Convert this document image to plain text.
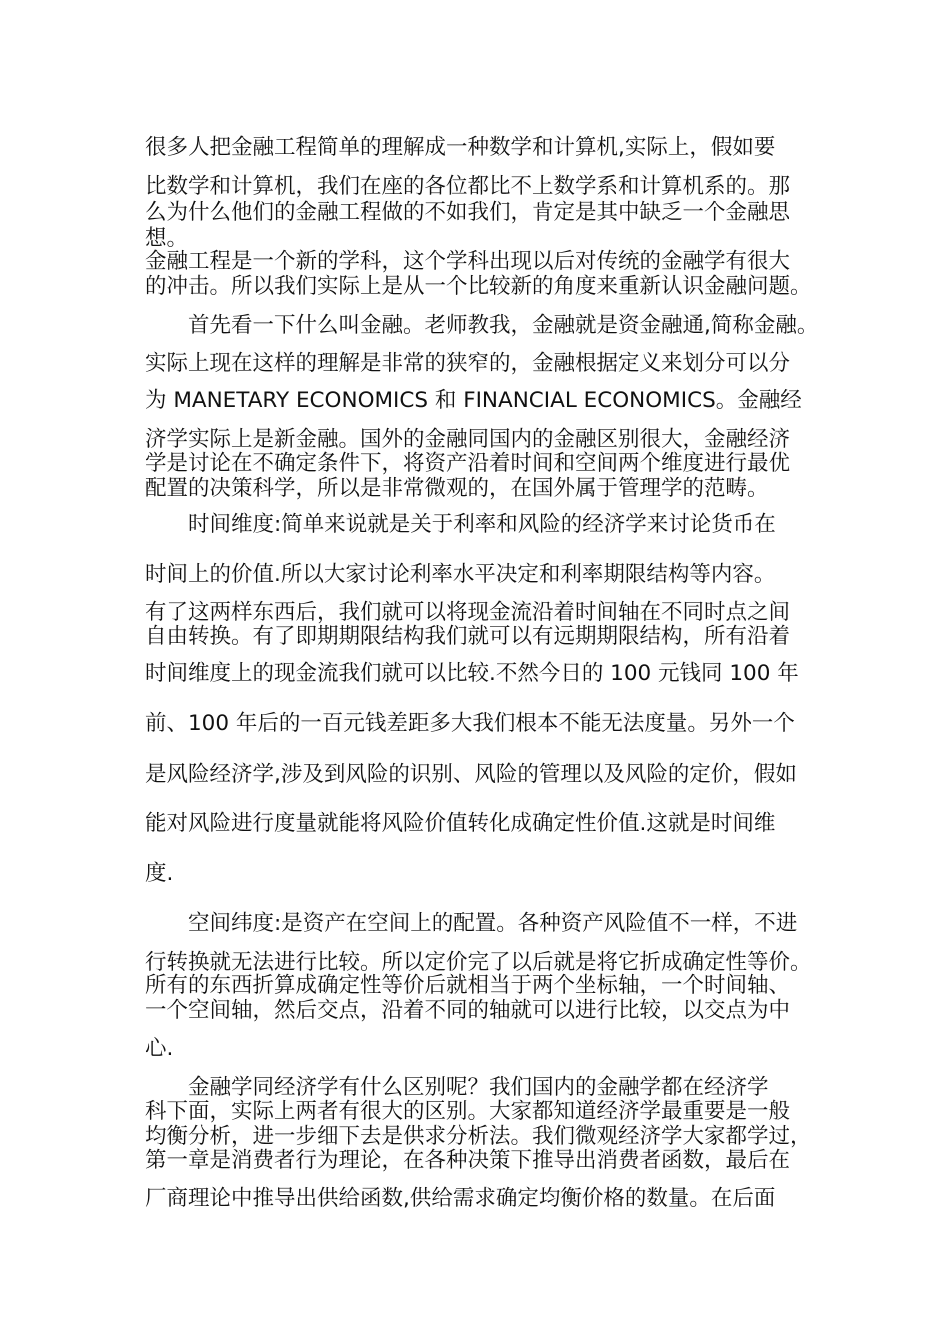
很多人把金融工程简单的理解成一种数学和计算机,实际上，假如要
比数学和计算机，我们在座的各位都比不上数学系和计算机系的。那
么为什么他们的金融工程做的不如我们，肯定是其中缺乏一个金融思
想。
金融工程是一个新的学科，这个学科出现以后对传统的金融学有很大
的冲击。所以我们实际上是从一个比较新的角度来重新认识金融问题。
首先看一下什么叫金融。老师教我，金融就是资金融通,简称金融。
实际上现在这样的理解是非常的狭窄的，金融根据定义来划分可以分
为 MANETARY ECONOMICS 和 FINANCIAL ECONOMICS。金融经
济学实际上是新金融。国外的金融同国内的金融区别很大，金融经济
学是讨论在不确定条件下，将资产沿着时间和空间两个维度进行最优
配置的决策科学，所以是非常微观的，在国外属于管理学的范畴。
时间维度:简单来说就是关于利率和风险的经济学来讨论货币在
时间上的价值.所以大家讨论利率水平决定和利率期限结构等内容。
有了这两样东西后，我们就可以将现金流沿着时间轴在不同时点之间
自由转换。有了即期期限结构我们就可以有远期期限结构，所有沿着
时间维度上的现金流我们就可以比较.不然今日的 100 元钱同 100 年
前、100 年后的一百元钱差距多大我们根本不能无法度量。另外一个
是风险经济学,涉及到风险的识别、风险的管理以及风险的定价，假如
能对风险进行度量就能将风险价值转化成确定性价值.这就是时间维
度.
空间纬度:是资产在空间上的配置。各种资产风险值不一样，不进
行转换就无法进行比较。所以定价完了以后就是将它折成确定性等价。
所有的东西折算成确定性等价后就相当于两个坐标轴，一个时间轴、
一个空间轴，然后交点，沿着不同的轴就可以进行比较，以交点为中
心.
金融学同经济学有什么区别呢？我们国内的金融学都在经济学
科下面，实际上两者有很大的区别。大家都知道经济学最重要是一般
均衡分析，进一步细下去是供求分析法。我们微观经济学大家都学过，
第一章是消费者行为理论，在各种决策下推导出消费者函数，最后在
厂商理论中推导出供给函数,供给需求确定均衡价格的数量。在后面
